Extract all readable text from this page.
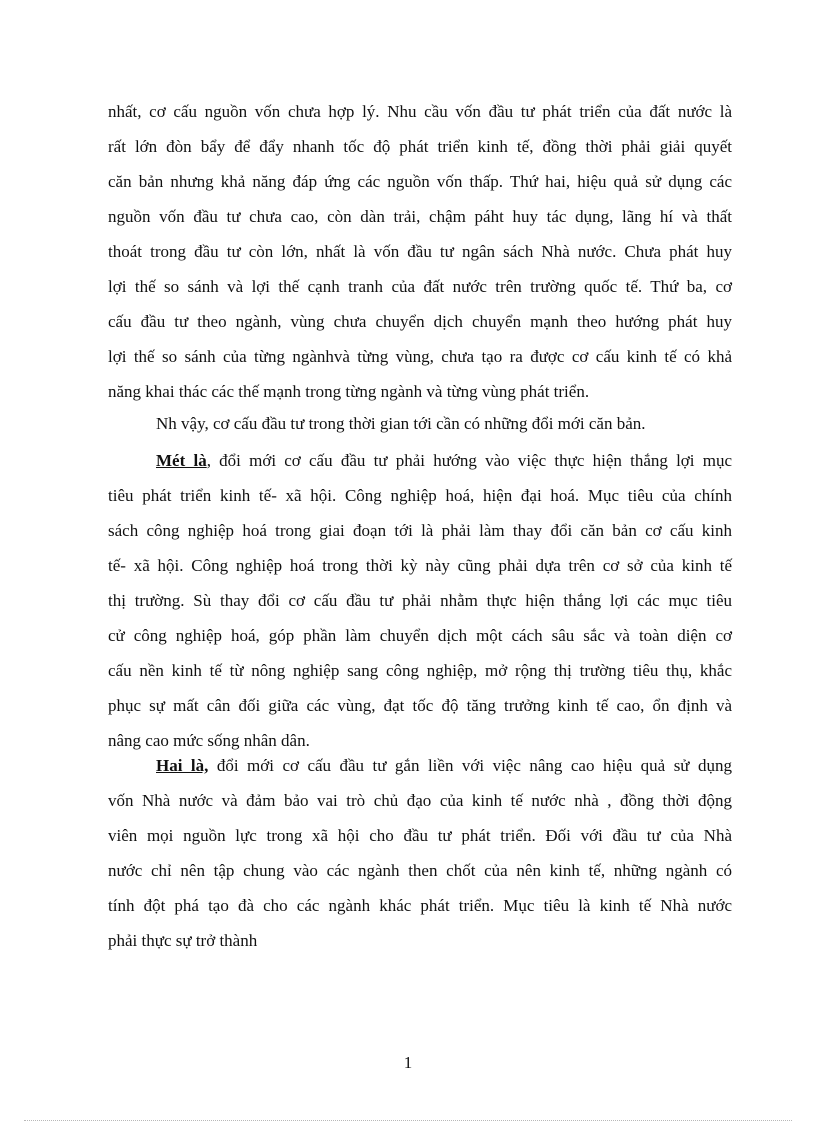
nhất, cơ cấu nguồn vốn chưa hợp lý. Nhu cầu vốn đầu tư phát triển của đất nước là
rất lớn đòn bẩy để đẩy nhanh tốc độ phát triển kinh tế, đồng thời phải giải quyết
căn bản nhưng khả năng đáp ứng các nguồn vốn thấp. Thứ hai, hiệu quả sử dụng các
nguồn vốn đầu tư chưa cao, còn dàn trải, chậm páht huy tác dụng, lãng hí và thất
thoát trong đầu tư còn lớn, nhất là vốn đầu tư ngân sách Nhà nước. Chưa phát huy
lợi thế so sánh và lợi thế cạnh tranh của đất nước trên trường quốc tế. Thứ ba, cơ
cấu đầu tư theo ngành, vùng chưa chuyển dịch chuyển mạnh theo hướng phát huy
lợi thế so sánh của từng ngànhvà từng vùng, chưa tạo ra được cơ cấu kinh tế có khả
năng khai thác các thế mạnh trong từng ngành và từng vùng phát triển.
Nh vậy, cơ cấu đầu tư trong thời gian tới cần có những đổi mới căn bản.
Mét là, đổi mới cơ cấu đầu tư phải hướng vào việc thực hiện thắng lợi mục
tiêu phát triển kinh tế- xã hội. Công nghiệp hoá, hiện đại hoá. Mục tiêu của chính
sách công nghiệp hoá trong giai đoạn tới là phải làm thay đổi căn bản cơ cấu kinh
tế- xã hội. Công nghiệp hoá trong thời kỳ này cũng phải dựa trên cơ sở của kinh tế
thị trường. Sù thay đổi cơ cấu đầu tư phải nhằm thực hiện thắng lợi các mục tiêu
cử công nghiệp hoá, góp phần làm chuyển dịch một cách sâu sắc và toàn diện cơ
cấu nền kinh tế từ nông nghiệp sang công nghiệp, mở rộng thị trường tiêu thụ, khắc
phục sự mất cân đối giữa các vùng, đạt tốc độ tăng trưởng kinh tế cao, ổn định và
nâng cao mức sống nhân dân.
Hai là, đổi mới cơ cấu đầu tư gắn liền với việc nâng cao hiệu quả sử dụng
vốn Nhà nước và đảm bảo vai trò chủ đạo của kinh tế nước nhà , đồng thời động
viên mọi nguồn lực trong xã hội cho đầu tư phát triển. Đối với đầu tư của Nhà
nước chỉ nên tập chung vào các ngành then chốt của nên kinh tế, những ngành có
tính đột phá tạo đà cho các ngành khác phát triển. Mục tiêu là kinh tế Nhà nước
phải thực sự trở thành
1
